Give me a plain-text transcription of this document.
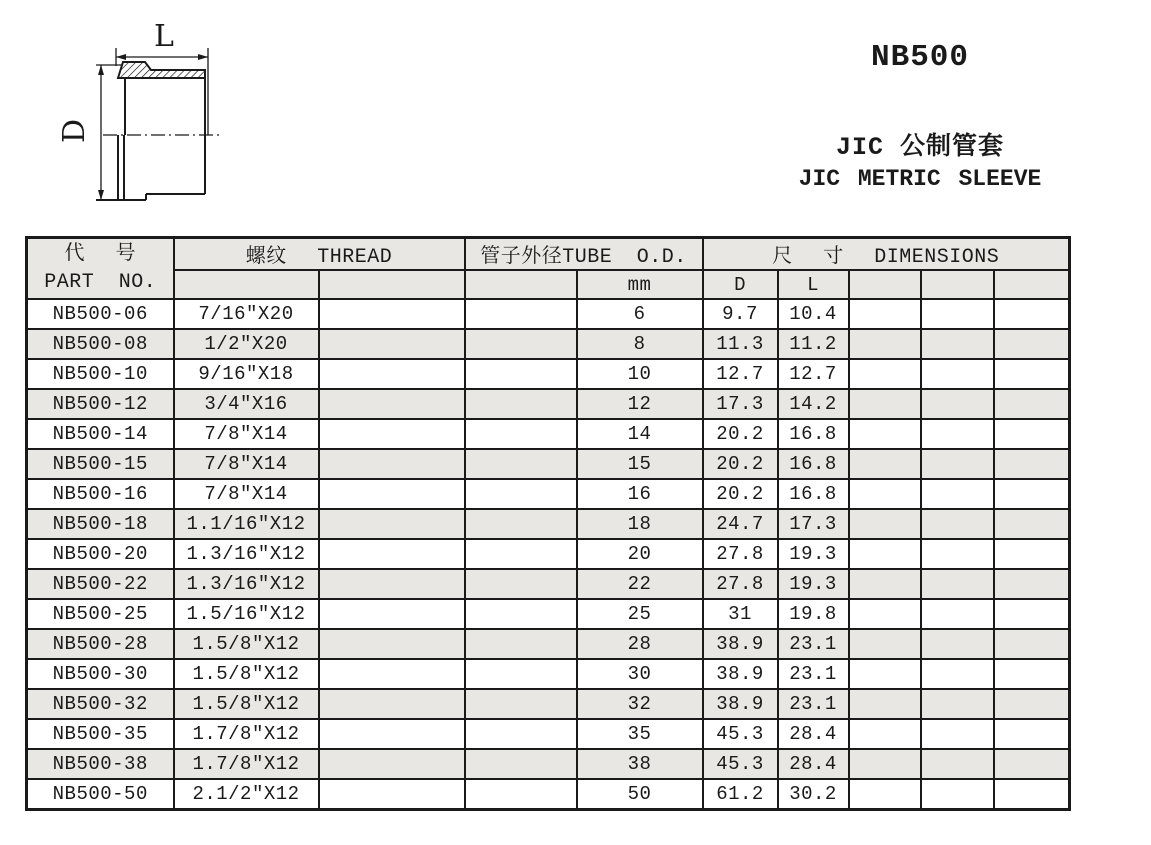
L
D
NB500
JIC 公制管套
JIC METRIC SLEEVE
代 号
PART NO.	螺纹 THREAD		管子外径TUBE O.D.		尺 寸 DIMENSIONS				
				mm	D	L			
NB500-06	7/16″X20			6	9.7	10.4			
NB500-08	1/2″X20			8	11.3	11.2			
NB500-10	9/16″X18			10	12.7	12.7			
NB500-12	3/4″X16			12	17.3	14.2			
NB500-14	7/8″X14			14	20.2	16.8			
NB500-15	7/8″X14			15	20.2	16.8			
NB500-16	7/8″X14			16	20.2	16.8			
NB500-18	1.1/16″X12			18	24.7	17.3			
NB500-20	1.3/16″X12			20	27.8	19.3			
NB500-22	1.3/16″X12			22	27.8	19.3			
NB500-25	1.5/16″X12			25	31	19.8			
NB500-28	1.5/8″X12			28	38.9	23.1			
NB500-30	1.5/8″X12			30	38.9	23.1			
NB500-32	1.5/8″X12			32	38.9	23.1			
NB500-35	1.7/8″X12			35	45.3	28.4			
NB500-38	1.7/8″X12			38	45.3	28.4			
NB500-50	2.1/2″X12			50	61.2	30.2			
